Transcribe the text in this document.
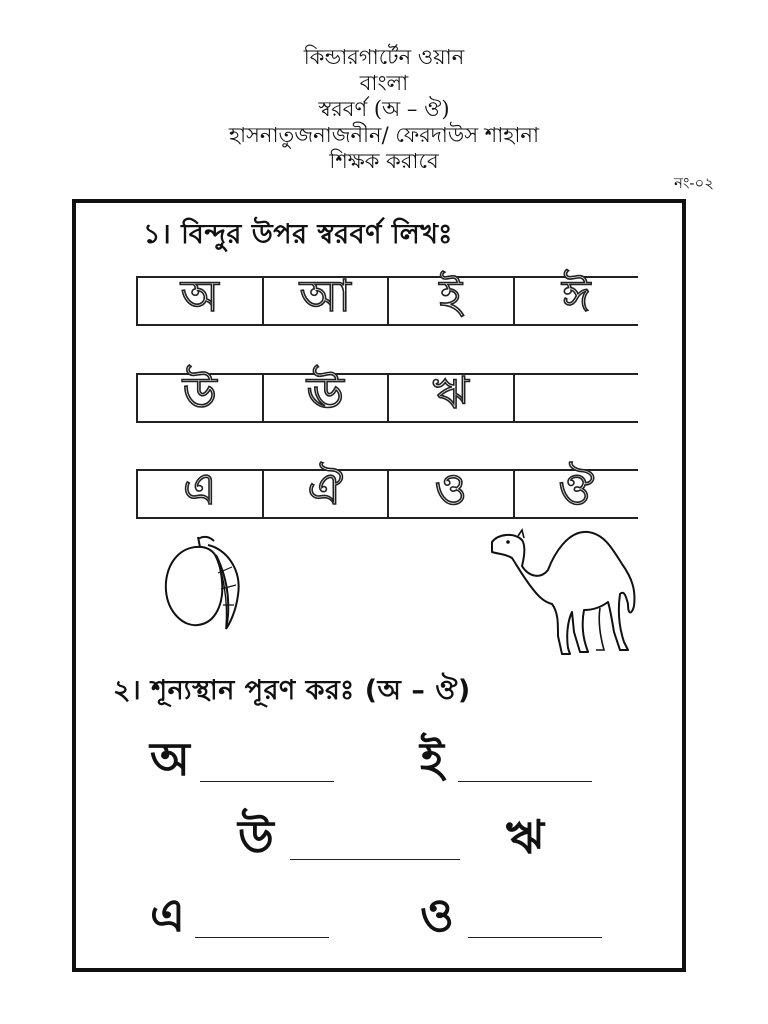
কিন্ডারগার্টেন ওয়ান
বাংলা
স্বরবর্ণ (অ – ঔ)
হাসনাতুজনাজনীন/ ফেরদাউস শাহানা
শিক্ষক করাবে
নং-০২
১। বিন্দুর উপর স্বরবর্ণ লিখঃ
অ আ ই ঈ
উ ঊ ঋ
এ ঐ ও ঔ
২। শূন্যস্থান পূরণ করঃ (অ – ঔ)
অ	ই
উ	ঋ
এ	ও
